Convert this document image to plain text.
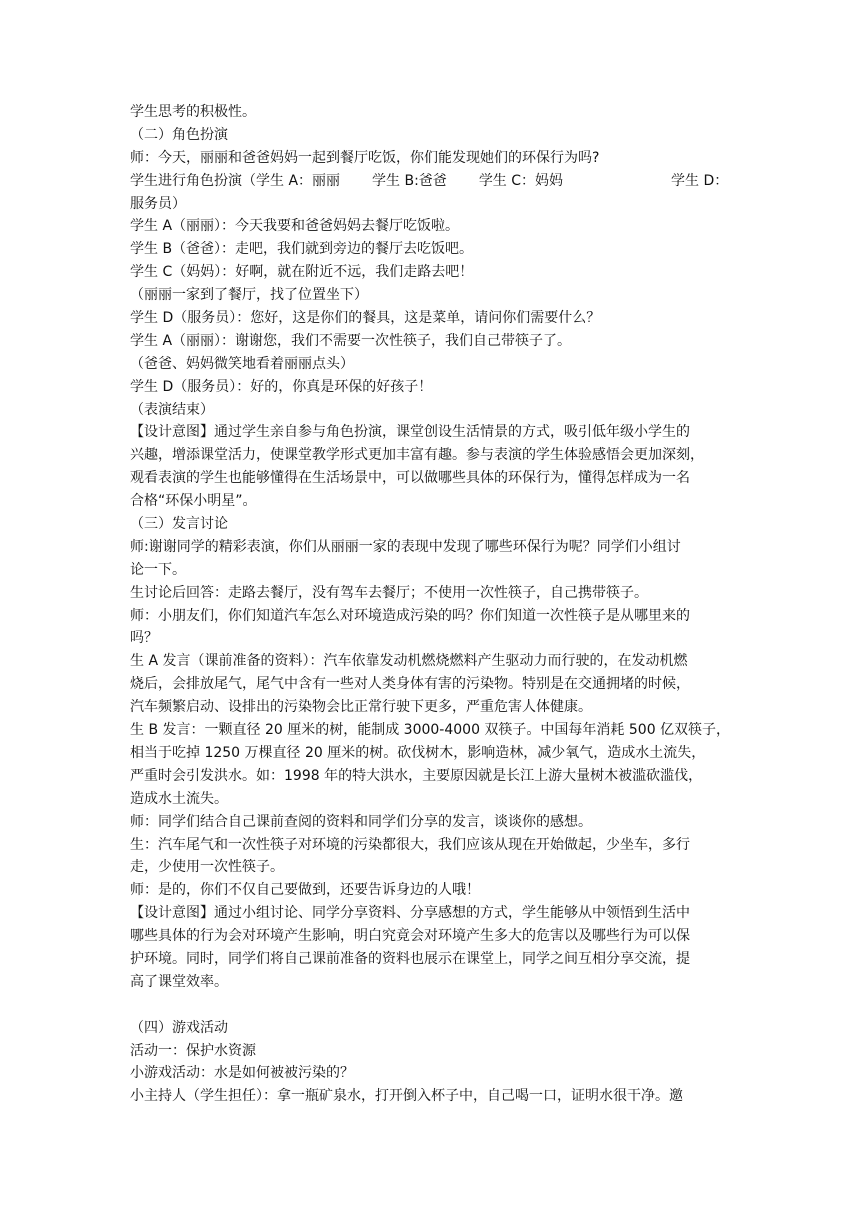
学生思考的积极性。
（二）角色扮演
师：今天，丽丽和爸爸妈妈一起到餐厅吃饭，你们能发现她们的环保行为吗?
学生进行角色扮演（学生 A：丽丽 学生 B:爸爸 学生 C：妈妈	学生 D：
服务员）
学生 A（丽丽）：今天我要和爸爸妈妈去餐厅吃饭啦。
学生 B（爸爸）：走吧，我们就到旁边的餐厅去吃饭吧。
学生 C（妈妈）：好啊，就在附近不远，我们走路去吧！
（丽丽一家到了餐厅，找了位置坐下）
学生 D（服务员）：您好，这是你们的餐具，这是菜单，请问你们需要什么？
学生 A（丽丽）：谢谢您，我们不需要一次性筷子，我们自己带筷子了。
（爸爸、妈妈微笑地看着丽丽点头）
学生 D（服务员）：好的，你真是环保的好孩子！
（表演结束）
【设计意图】通过学生亲自参与角色扮演，课堂创设生活情景的方式，吸引低年级小学生的
兴趣，增添课堂活力，使课堂教学形式更加丰富有趣。参与表演的学生体验感悟会更加深刻，
观看表演的学生也能够懂得在生活场景中，可以做哪些具体的环保行为，懂得怎样成为一名
合格“环保小明星”。
（三）发言讨论
师:谢谢同学的精彩表演，你们从丽丽一家的表现中发现了哪些环保行为呢？同学们小组讨
论一下。
生讨论后回答：走路去餐厅，没有驾车去餐厅；不使用一次性筷子，自己携带筷子。
师：小朋友们，你们知道汽车怎么对环境造成污染的吗？你们知道一次性筷子是从哪里来的
吗？
生 A 发言（课前准备的资料）：汽车依靠发动机燃烧燃料产生驱动力而行驶的，在发动机燃
烧后，会排放尾气，尾气中含有一些对人类身体有害的污染物。特别是在交通拥堵的时候，
汽车频繁启动、设排出的污染物会比正常行驶下更多，严重危害人体健康。
生 B 发言：一颗直径 20 厘米的树，能制成 3000-4000 双筷子。中国每年消耗 500 亿双筷子，
相当于吃掉 1250 万棵直径 20 厘米的树。砍伐树木，影响造林，减少氧气，造成水土流失，
严重时会引发洪水。如：1998 年的特大洪水，主要原因就是长江上游大量树木被滥砍滥伐，
造成水土流失。
师：同学们结合自己课前查阅的资料和同学们分享的发言，谈谈你的感想。
生：汽车尾气和一次性筷子对环境的污染都很大，我们应该从现在开始做起，少坐车，多行
走，少使用一次性筷子。
师：是的，你们不仅自己要做到，还要告诉身边的人哦！
【设计意图】通过小组讨论、同学分享资料、分享感想的方式，学生能够从中领悟到生活中
哪些具体的行为会对环境产生影响，明白究竟会对环境产生多大的危害以及哪些行为可以保
护环境。同时，同学们将自己课前准备的资料也展示在课堂上，同学之间互相分享交流，提
高了课堂效率。
（四）游戏活动
活动一：保护水资源
小游戏活动：水是如何被被污染的？
小主持人（学生担任）：拿一瓶矿泉水，打开倒入杯子中，自己喝一口，证明水很干净。邀
